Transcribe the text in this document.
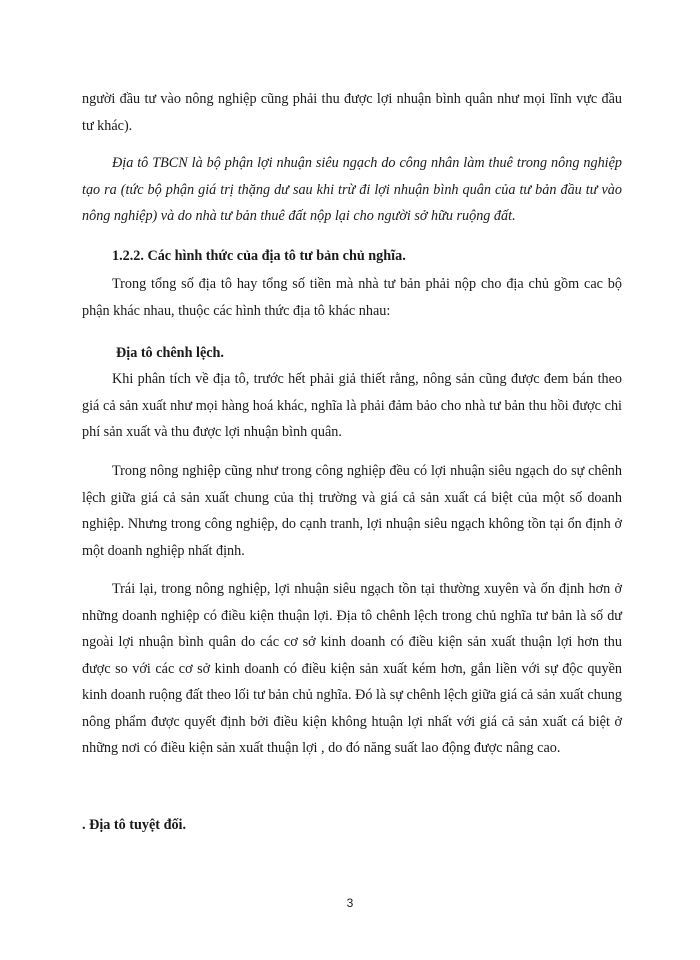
người đầu tư vào nông nghiệp cũng phải thu được lợi nhuận bình quân như mọi lĩnh vực đầu tư khác).

Địa tô TBCN là bộ phận lợi nhuận siêu ngạch do công nhân làm thuê trong nông nghiệp tạo ra (tức bộ phận giá trị thặng dư sau khi trừ đi lợi nhuận bình quân của tư bản đầu tư vào nông nghiệp) và do nhà tư bản thuê đất nộp lại cho người sở hữu ruộng đất.

1.2.2. Các hình thức của địa tô tư bản chủ nghĩa.

Trong tổng số địa tô hay tổng số tiền mà nhà tư bản phải nộp cho địa chủ gồm cac bộ phận khác nhau, thuộc các hình thức địa tô khác nhau:

Địa tô chênh lệch.

Khi phân tích về địa tô, trước hết phải giả thiết rằng, nông sản cũng được đem bán theo giá cả sản xuất như mọi hàng hoá khác, nghĩa là phải đảm bảo cho nhà tư bản thu hồi được chi phí sản xuất và thu được lợi nhuận bình quân.

Trong nông nghiệp cũng như trong công nghiệp đều có lợi nhuận siêu ngạch do sự chênh lệch giữa giá cả sản xuất chung của thị trường và giá cả sản xuất cá biệt của một số doanh nghiệp. Nhưng trong công nghiệp, do cạnh tranh, lợi nhuận siêu ngạch không tồn tại ổn định ở một doanh nghiệp nhất định.

Trái lại, trong nông nghiệp, lợi nhuận siêu ngạch tồn tại thường xuyên và ổn định hơn ở những doanh nghiệp có điều kiện thuận lợi. Địa tô chênh lệch trong chủ nghĩa tư bản là số dư ngoài lợi nhuận bình quân do các cơ sở kinh doanh có điều kiện sản xuất thuận lợi hơn thu được so với các cơ sở kinh doanh có điều kiện sản xuất kém hơn, gắn liền với sự độc quyền kinh doanh ruộng đất theo lối tư bản chủ nghĩa. Đó là sự chênh lệch giữa giá cả sản xuất chung nông phẩm được quyết định bởi điều kiện không htuận lợi nhất với giá cả sản xuất cá biệt ở những nơi có điều kiện sản xuất thuận lợi , do đó năng suất lao động được nâng cao.

. Địa tô tuyệt đối.
3
